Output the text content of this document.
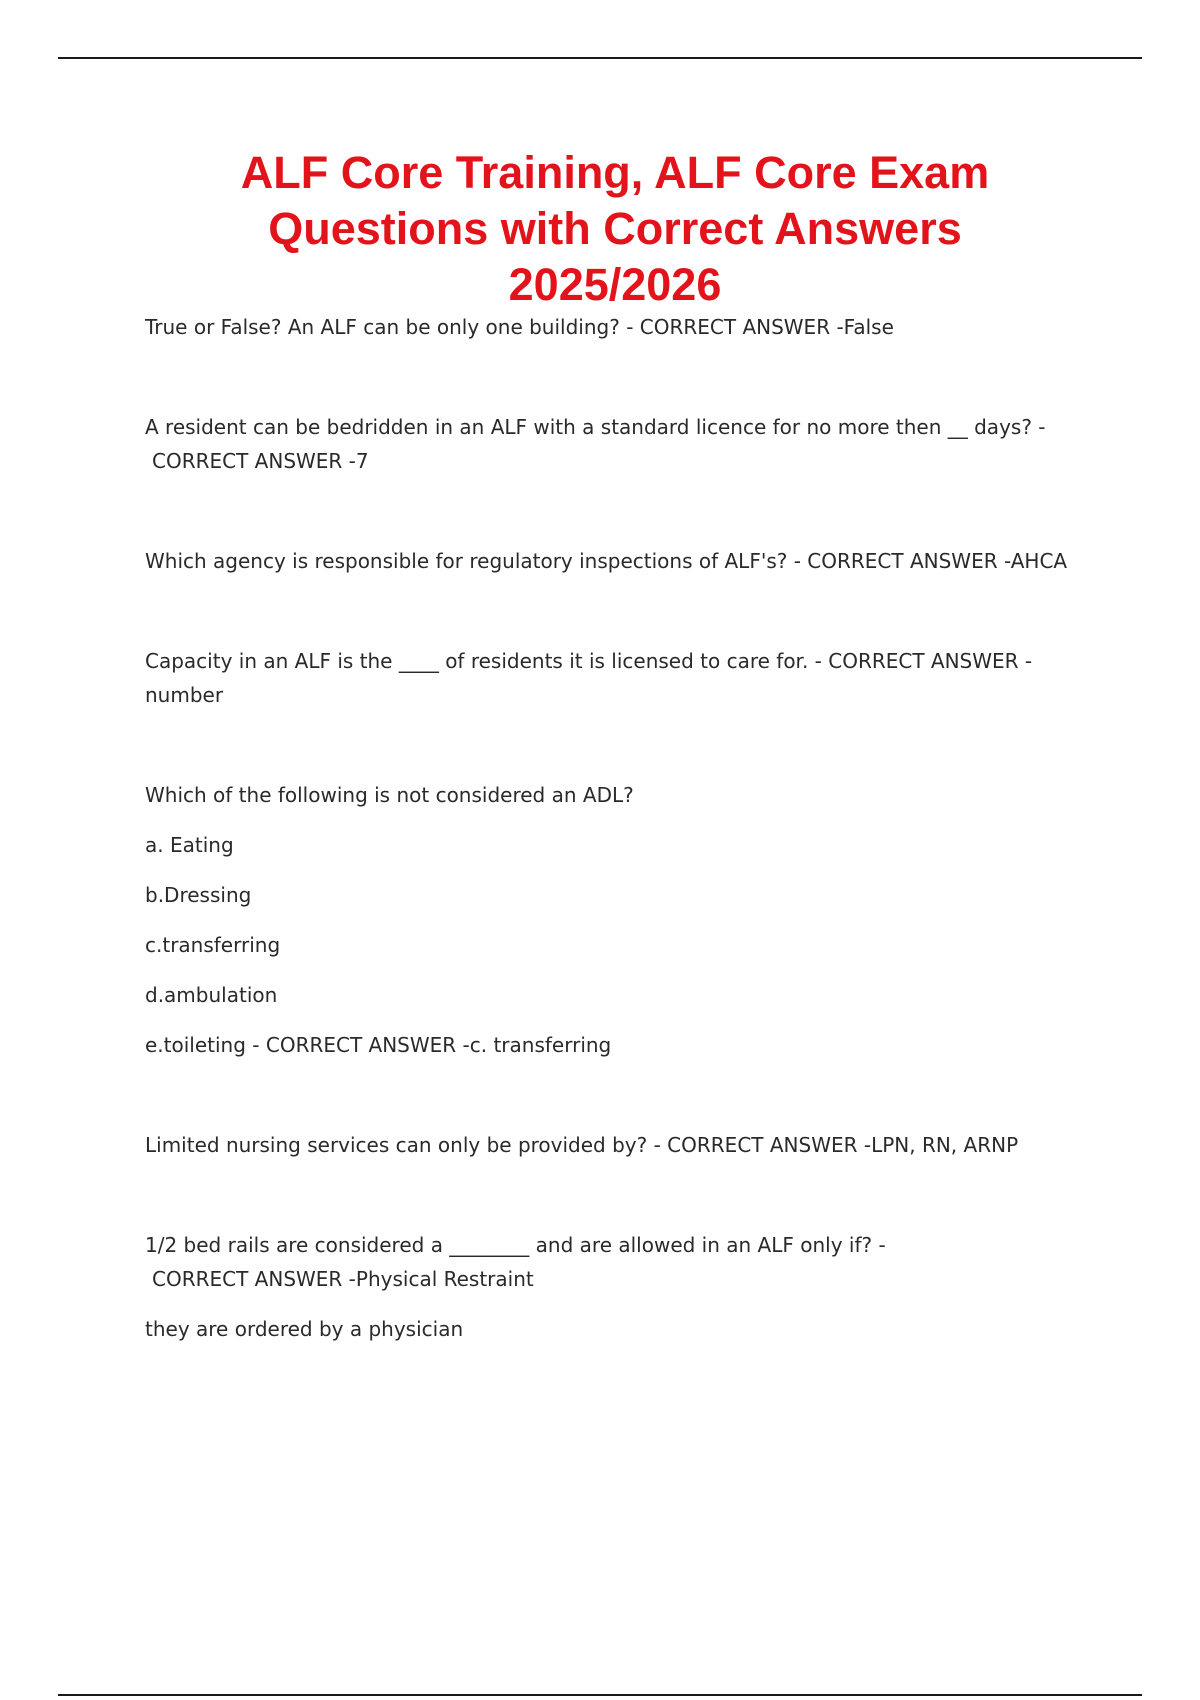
ALF Core Training, ALF Core Exam
Questions with Correct Answers
2025/2026

True or False? An ALF can be only one building? - CORRECT ANSWER -False

A resident can be bedridden in an ALF with a standard licence for no more then __ days? -

CORRECT ANSWER -7

Which agency is responsible for regulatory inspections of ALF's? - CORRECT ANSWER -AHCA

Capacity in an ALF is the ____ of residents it is licensed to care for. - CORRECT ANSWER -

number

Which of the following is not considered an ADL?

a. Eating

b.Dressing

c.transferring

d.ambulation

e.toileting - CORRECT ANSWER -c. transferring

Limited nursing services can only be provided by? - CORRECT ANSWER -LPN, RN, ARNP

1/2 bed rails are considered a ________ and are allowed in an ALF only if? -

CORRECT ANSWER -Physical Restraint

they are ordered by a physician
